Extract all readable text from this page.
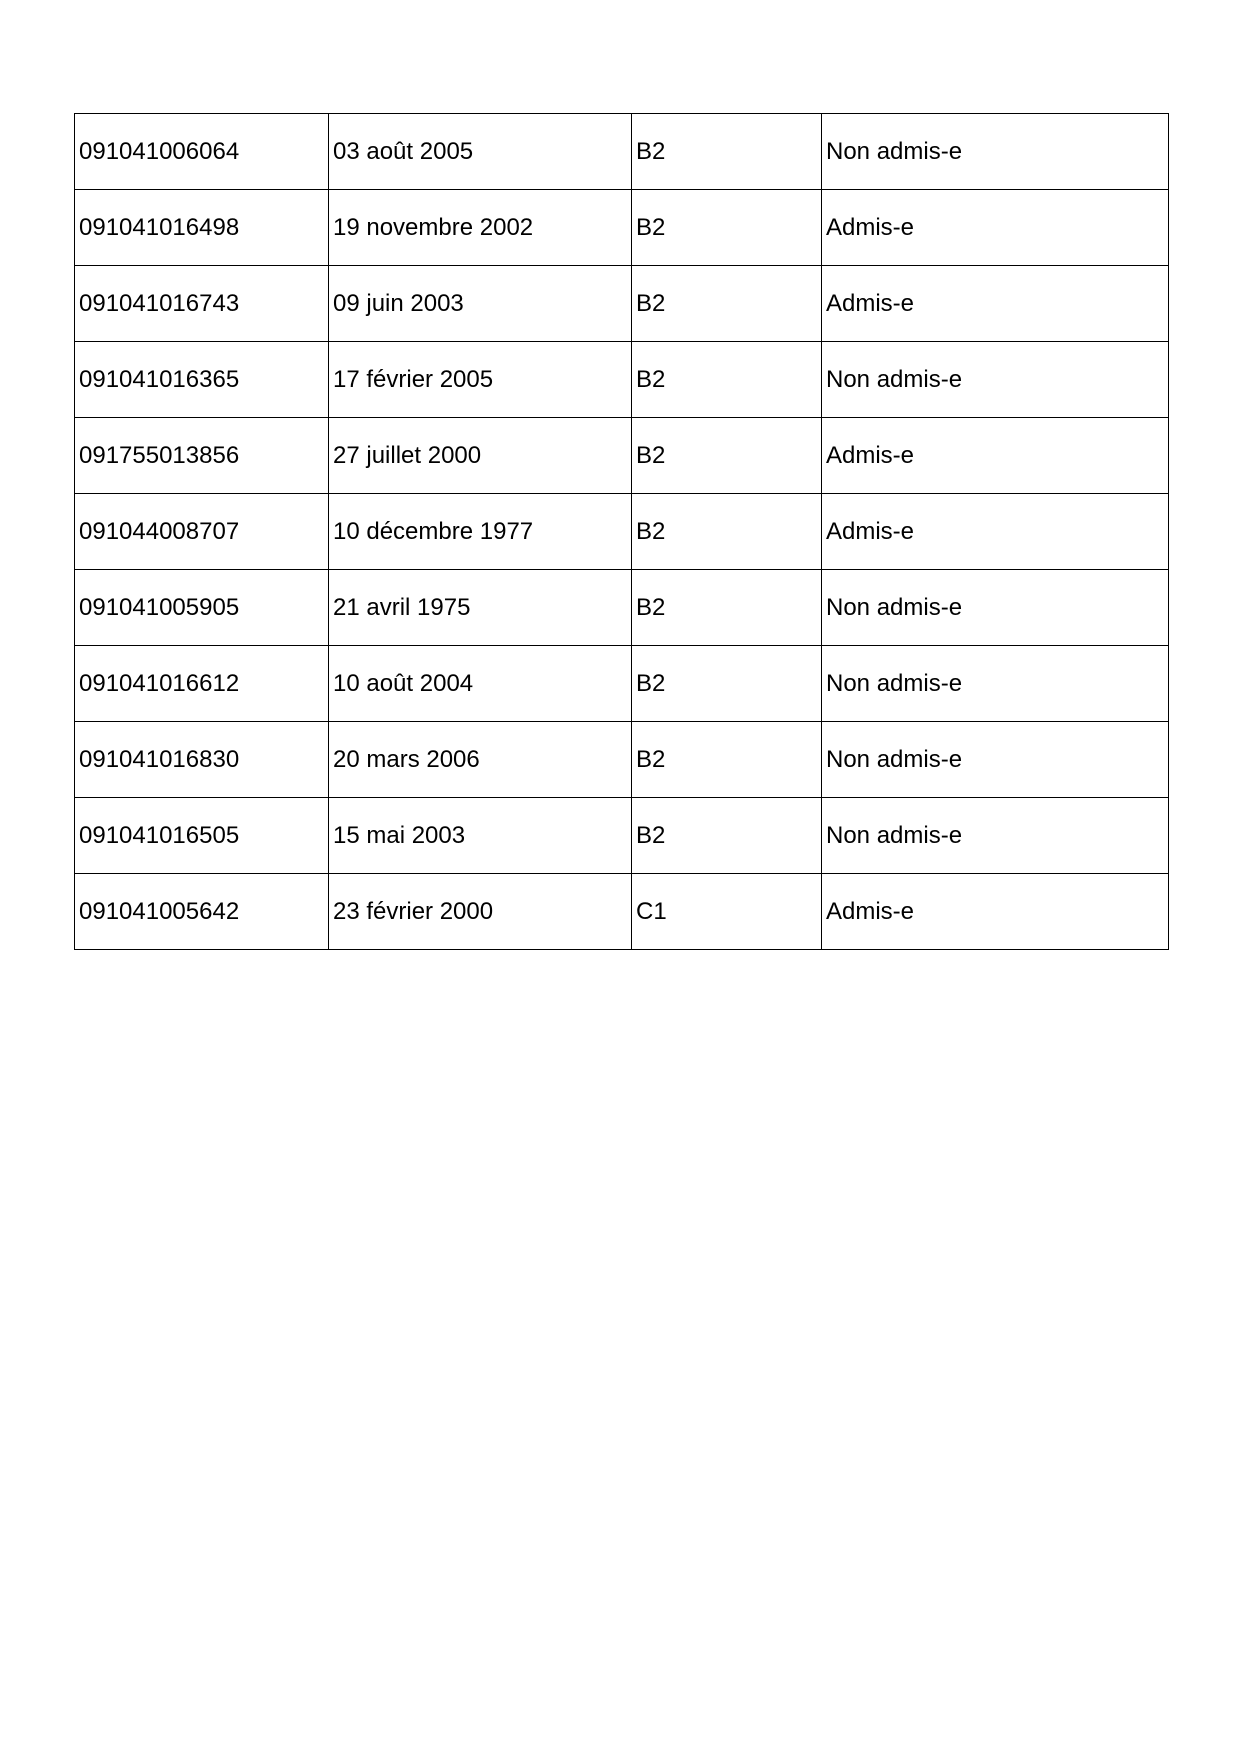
091041006064	03 août 2005	B2	Non admis-e
091041016498	19 novembre 2002	B2	Admis-e
091041016743	09 juin 2003	B2	Admis-e
091041016365	17 février 2005	B2	Non admis-e
091755013856	27 juillet 2000	B2	Admis-e
091044008707	10 décembre 1977	B2	Admis-e
091041005905	21 avril 1975	B2	Non admis-e
091041016612	10 août 2004	B2	Non admis-e
091041016830	20 mars 2006	B2	Non admis-e
091041016505	15 mai 2003	B2	Non admis-e
091041005642	23 février 2000	C1	Admis-e
